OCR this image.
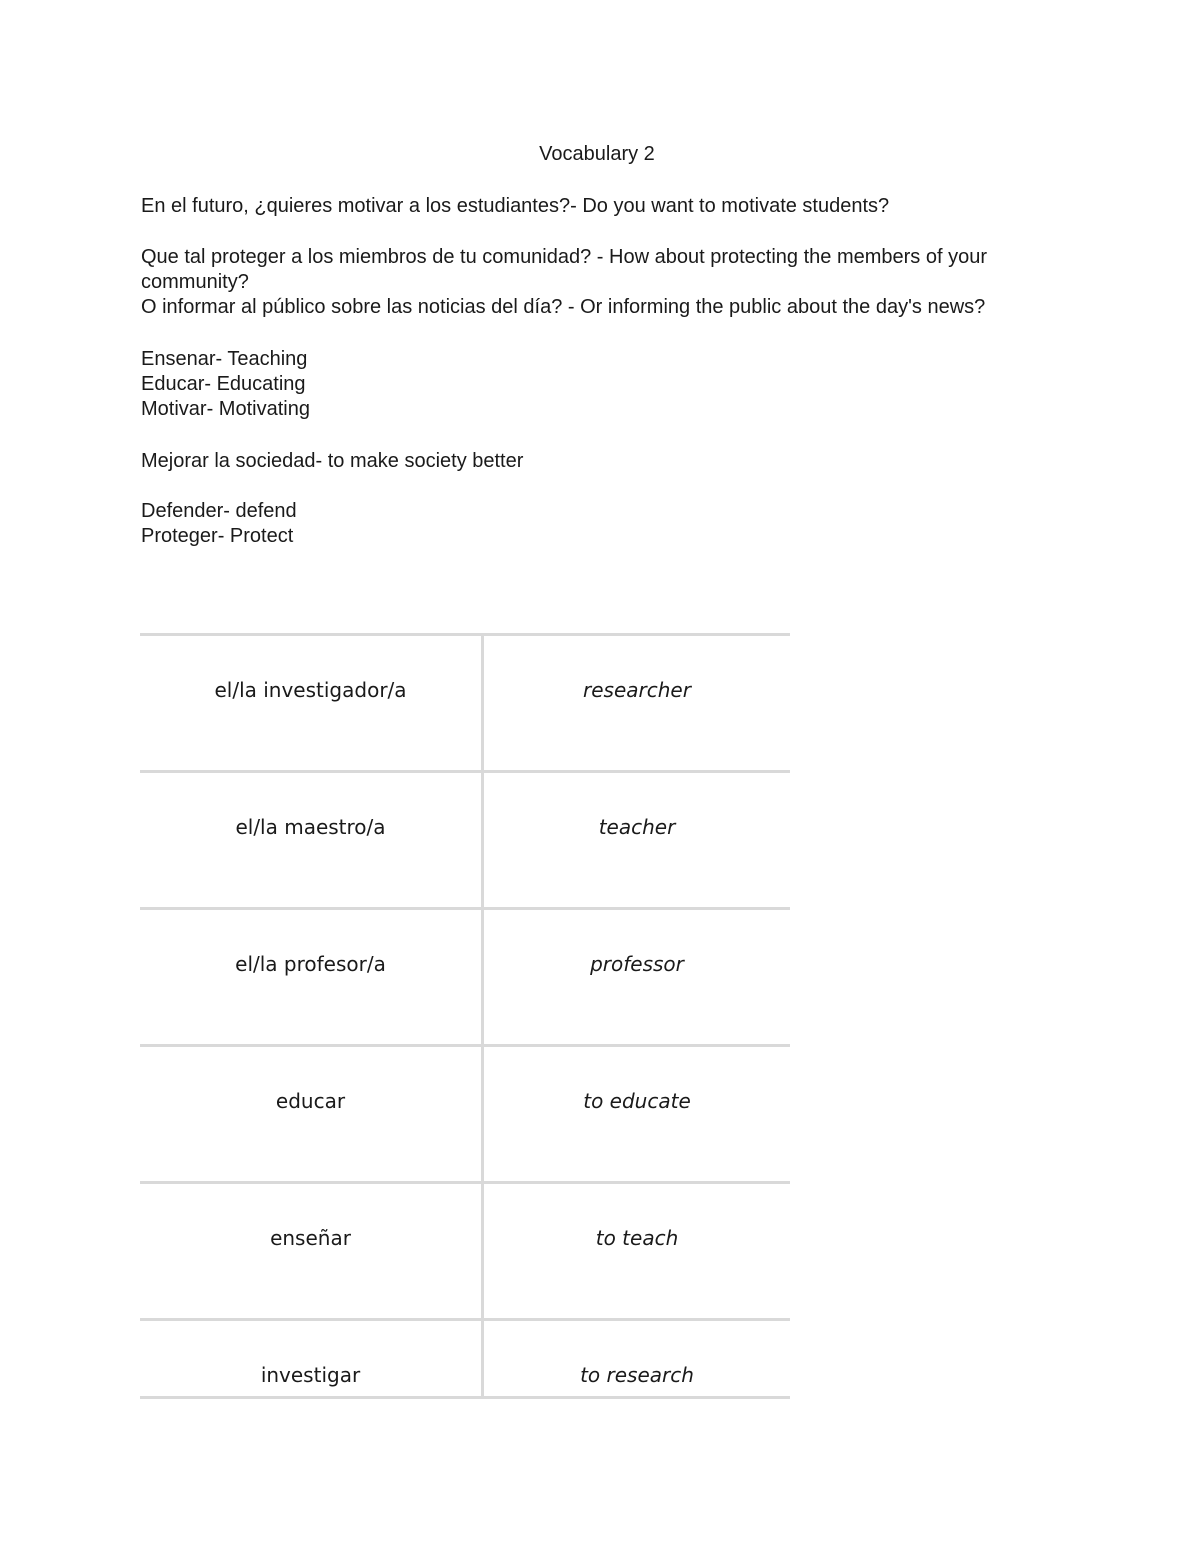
Vocabulary 2
En el futuro, ¿quieres motivar a los estudiantes?- Do you want to motivate students?
Que tal proteger a los miembros de tu comunidad? - How about protecting the members of your
community?
O informar al público sobre las noticias del día? - Or informing the public about the day's news?
Ensenar- Teaching
Educar- Educating
Motivar- Motivating
Mejorar la sociedad- to make society better
Defender- defend
Proteger- Protect
el/la investigador/a	researcher

el/la maestro/a	teacher

el/la profesor/a	professor

educar	to educate

enseñar	to teach

investigar	to research
